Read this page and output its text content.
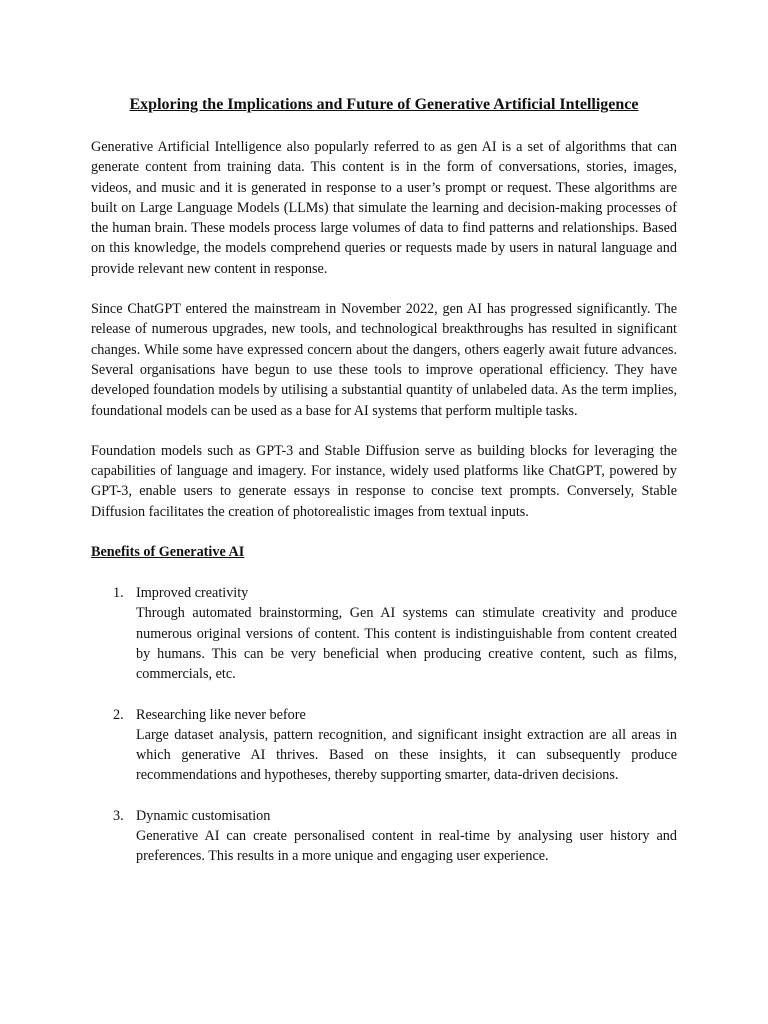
Exploring the Implications and Future of Generative Artificial Intelligence

Generative Artificial Intelligence also popularly referred to as gen AI is a set of algorithms that can generate content from training data. This content is in the form of conversations, stories, images, videos, and music and it is generated in response to a user’s prompt or request. These algorithms are built on Large Language Models (LLMs) that simulate the learning and decision-making processes of the human brain. These models process large volumes of data to find patterns and relationships. Based on this knowledge, the models comprehend queries or requests made by users in natural language and provide relevant new content in response.

Since ChatGPT entered the mainstream in November 2022, gen AI has progressed significantly. The release of numerous upgrades, new tools, and technological breakthroughs has resulted in significant changes. While some have expressed concern about the dangers, others eagerly await future advances. Several organisations have begun to use these tools to improve operational efficiency. They have developed foundation models by utilising a substantial quantity of unlabeled data. As the term implies, foundational models can be used as a base for AI systems that perform multiple tasks.

Foundation models such as GPT-3 and Stable Diffusion serve as building blocks for leveraging the capabilities of language and imagery. For instance, widely used platforms like ChatGPT, powered by GPT-3, enable users to generate essays in response to concise text prompts. Conversely, Stable Diffusion facilitates the creation of photorealistic images from textual inputs.

Benefits of Generative AI
1. Improved creativity
Through automated brainstorming, Gen AI systems can stimulate creativity and produce numerous original versions of content. This content is indistinguishable from content created by humans. This can be very beneficial when producing creative content, such as films, commercials, etc.
2. Researching like never before
Large dataset analysis, pattern recognition, and significant insight extraction are all areas in which generative AI thrives. Based on these insights, it can subsequently produce recommendations and hypotheses, thereby supporting smarter, data-driven decisions.
3. Dynamic customisation
Generative AI can create personalised content in real-time by analysing user history and preferences. This results in a more unique and engaging user experience.
